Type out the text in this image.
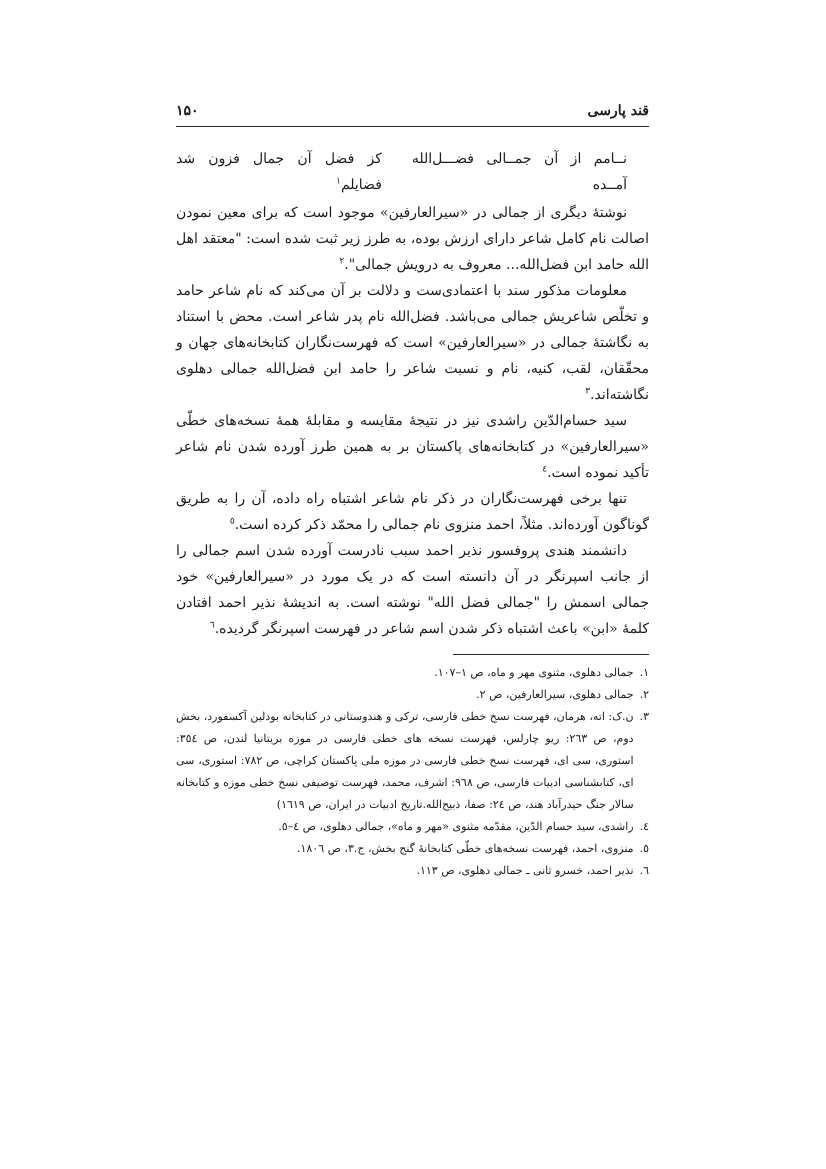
۱۵۰	قند پارسی
نــامم از آن جمــالی فضـــل‌الله آمــده
کز فضل آن جمال فزون شد فضایلم$^۱$

نوشتهٔ دیگری از جمالی در «سیرالعارفین» موجود است که برای معین نمودن اصالت نام کامل شاعر دارای ارزش بوده، به طرز زیر ثبت شده است: "معتقد اهل الله حامد ابن فضل‌الله... معروف به درویش جمالی".$^۲$

معلومات مذکور سند با اعتمادی‌ست و دلالت بر آن می‌کند که نام شاعر حامد و تخلّص شاعریش جمالی می‌باشد. فضل‌الله نام پدر شاعر است. محض با استناد به نگاشتهٔ جمالی در «سیرالعارفین» است که فهرست‌نگاران کتابخانه‌های جهان و محقّقان، لقب، کنیه، نام و نسبت شاعر را حامد ابن فضل‌الله جمالی دهلوی نگاشته‌اند.$^۳$

سید حسام‌الدّین راشدی نیز در نتیجهٔ مقایسه و مقابلهٔ همهٔ نسخه‌های خطّی «سیرالعارفین» در کتابخانه‌های پاکستان بر به همین طرز آورده شدن نام شاعر تأکید نموده است.$^٤$

تنها برخی فهرست‌نگاران در ذکر نام شاعر اشتباه راه داده، آن را به طریق گوناگون آورده‌اند. مثلاً، احمد منزوی نام جمالی را محمّد ذکر کرده است.$^٥$

دانشمند هندی پروفسور نذیر احمد سبب نادرست آورده شدن اسم جمالی را از جانب اسپرنگر در آن دانسته است که در یک مورد در «سیرالعارفین» خود جمالی اسمش را "جمالی فضل الله" نوشته است. به اندیشهٔ نذیر احمد افتادن کلمهٔ «ابن» باعث اشتباه ذکر شدن اسم شاعر در فهرست اسپرنگر گردیده.$^٦$

۱.
جمالی دهلوی، مثنوی مهر و ماه، ص ۱–۱۰۷.
۲.
جمالی دهلوی، سیرالعارفین، ص ۲.
۳.
ن.ک: اته، هرمان، فهرست نسخ خطی فارسی، ترکی و هندوستانی در کتابخانه بودلین آکسفورد، بخش دوم، ص ۲٦۳: ریو چارلس، فهرست نسخه های خطی فارسی در موزه بریتانیا لندن، ص ۳٥٤: استوری، سی ای، فهرست نسخ خطی فارسی در موزه ملی پاکستان کراچی، ص ۷۸۲: استوری، سی ای، کتابشناسی ادبیات فارسی، ص ۹٦۸: اشرف، محمد، فهرست توصیفی نسخ خطی موزه و کتابخانه سالار جنگ حیدرآباد هند، ص ۲٤: صفا، ذبیح‌الله.تاریخ ادبیات در ایران، ص ۱٦۱۹)
٤.
راشدی، سید حسام الدّین، مقدّمه مثنوی «مهر و ماه»، جمالی دهلوی، ص ٤–٥.
٥.
منزوی، احمد، فهرست نسخه‌های خطّی کتابخانهٔ گنج بخش، ج.۳، ص ۱۸۰٦.
٦.
نذیر احمد، خسرو ثانی ـ جمالی دهلوی، ص ۱۱۳.
